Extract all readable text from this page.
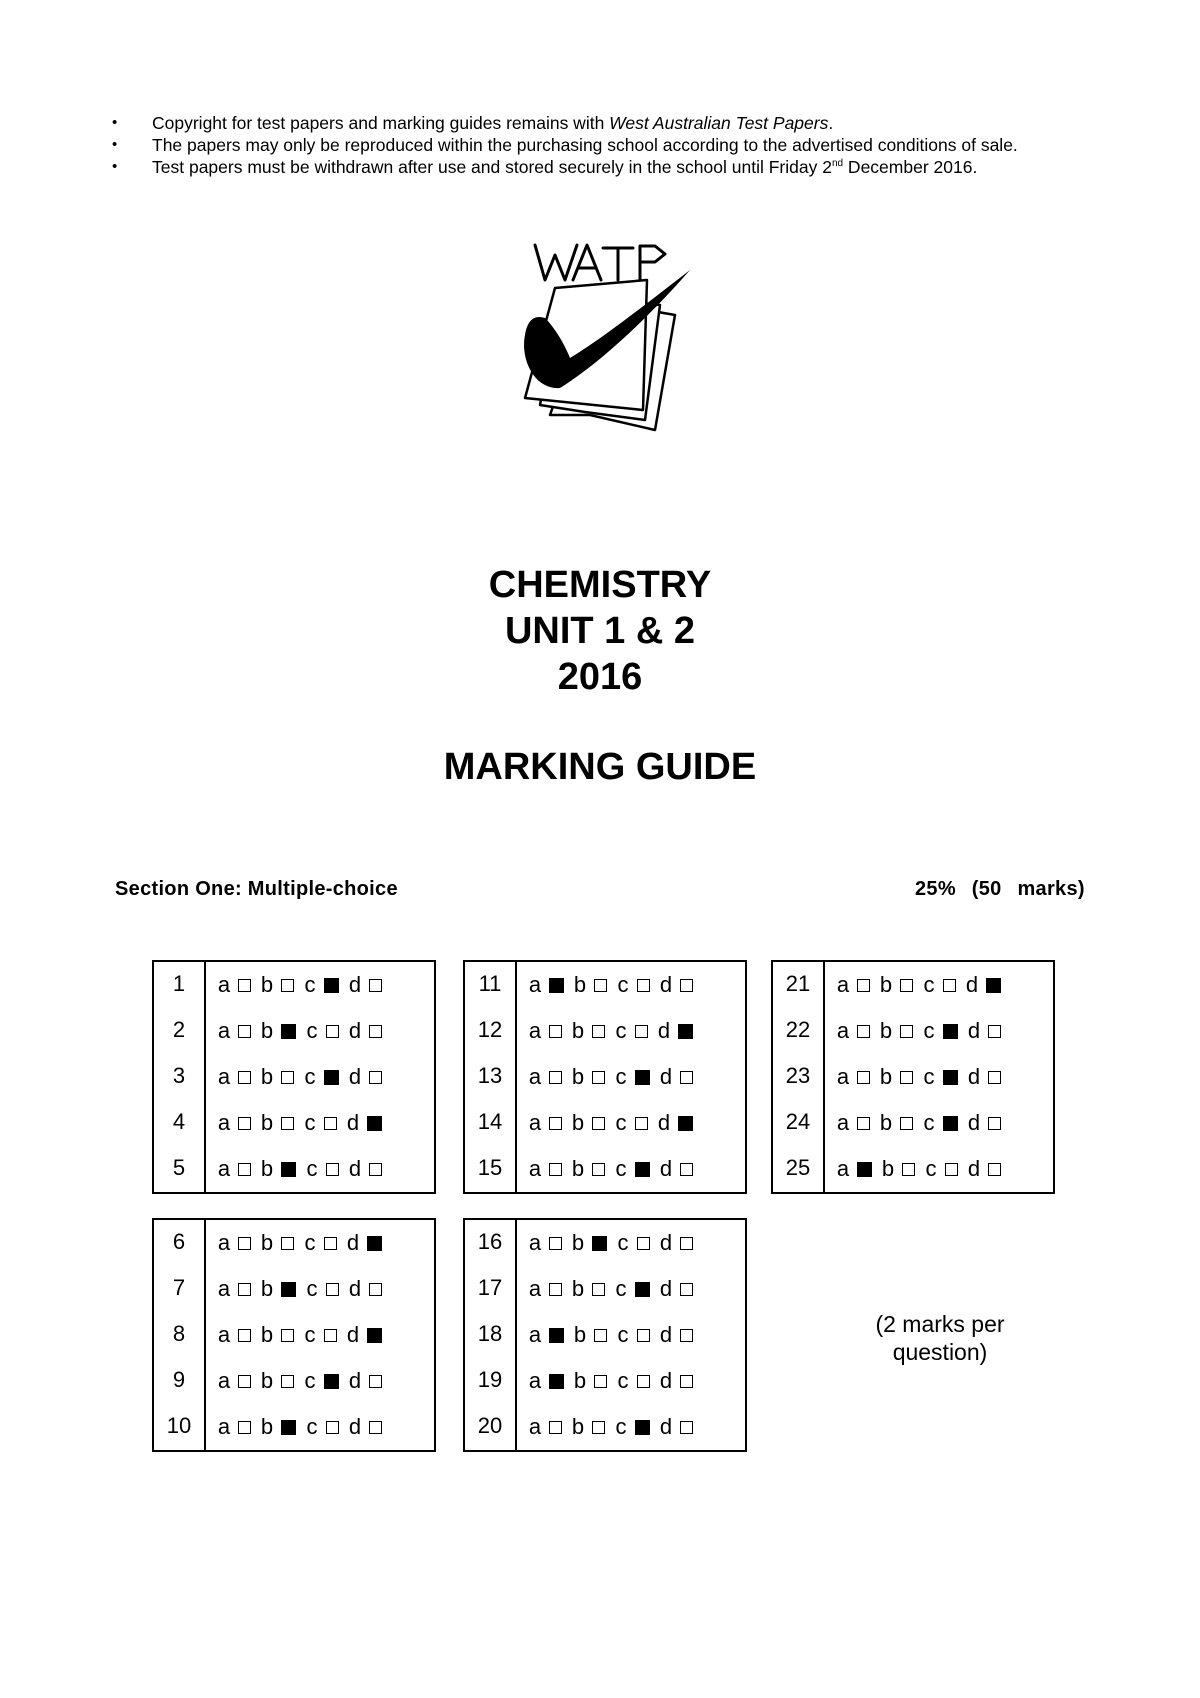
• Copyright for test papers and marking guides remains with West Australian Test Papers.
• The papers may only be reproduced within the purchasing school according to the advertised conditions of sale.
• Test papers must be withdrawn after use and stored securely in the school until Friday 2nd December 2016.
CHEMISTRY
UNIT 1 & 2
2016
MARKING GUIDE
Section One: Multiple-choice	25% (50 marks)
1
2
3
4
5
a b c d
a b c d
a b c d
a b c d
a b c d
11
12
13
14
15
a b c d
a b c d
a b c d
a b c d
a b c d
21
22
23
24
25
a b c d
a b c d
a b c d
a b c d
a b c d
6
7
8
9
10
a b c d
a b c d
a b c d
a b c d
a b c d
16
17
18
19
20
a b c d
a b c d
a b c d
a b c d
a b c d
(2 marks per question)
